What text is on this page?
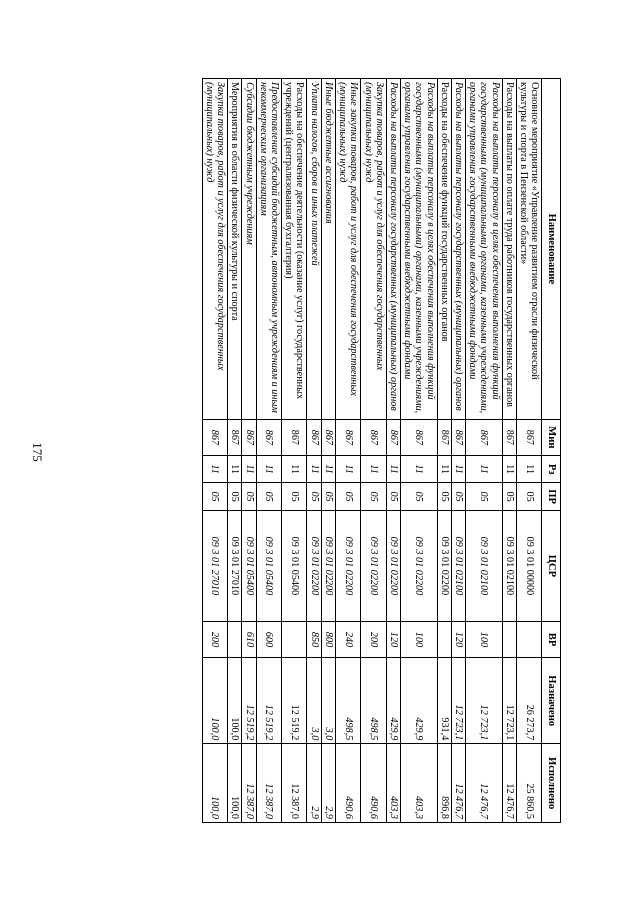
175
Наименование	Мин	Рз	ПР	ЦСР	ВР	Назначено	Исполнено
Основное мероприятие «Управление развитием отрасли физической культуры и спорта в Пензенской области»	867	11	05	09 3 01 00000		26 273,7	25 860,5
Расходы на выплаты по оплате труда работников государственных органов	867	11	05	09 3 01 02100		12 723,1	12 476,7
Расходы на выплаты персоналу в целях обеспечения выполнения функций государственными (муниципальными) органами, казенными учреждениями, органами управления государственными внебюджетными фондами	867	11	05	09 3 01 02100	100	12 723,1	12 476,7
Расходы на выплаты персоналу государственных (муниципальных) органов	867	11	05	09 3 01 02100	120	12 723,1	12 476,7
Расходы на обеспечение функций государственных органов	867	11	05	09 3 01 02200		931,4	896,8
Расходы на выплаты персоналу в целях обеспечения выполнения функций государственными (муниципальными) органами, казенными учреждениями, органами управления государственными внебюджетными фондами	867	11	05	09 3 01 02200	100	429,9	403,3
Расходы на выплаты персоналу государственных (муниципальных) органов	867	11	05	09 3 01 02200	120	429,9	403,3
Закупка товаров, работ и услуг для обеспечения государственных (муниципальных) нужд	867	11	05	09 3 01 02200	200	498,5	490,6
Иные закупки товаров, работ и услуг для обеспечения государственных (муниципальных) нужд	867	11	05	09 3 01 02200	240	498,5	490,6
Иные бюджетные ассигнования	867	11	05	09 3 01 02200	800	3,0	2,9
Уплата налогов, сборов и иных платежей	867	11	05	09 3 01 02200	850	3,0	2,9
Расходы на обеспечение деятельности (оказание услуг) государственных учреждений (централизованная бухгалтерия)	867	11	05	09 3 01 05400		12 519,2	12 387,0
Предоставление субсидий бюджетным, автономным учреждениям и иным некоммерческим организациям	867	11	05	09 3 01 05400	600	12 519,2	12 387,0
Субсидии бюджетным учреждениям	867	11	05	09 3 01 05400	610	12 519,2	12 387,0
Мероприятия в области физической культуры и спорта	867	11	05	09 3 01 27010		100,0	100,0
Закупка товаров, работ и услуг для обеспечения государственных (муниципальных) нужд	867	11	05	09 3 01 27010	200	100,0	100,0
